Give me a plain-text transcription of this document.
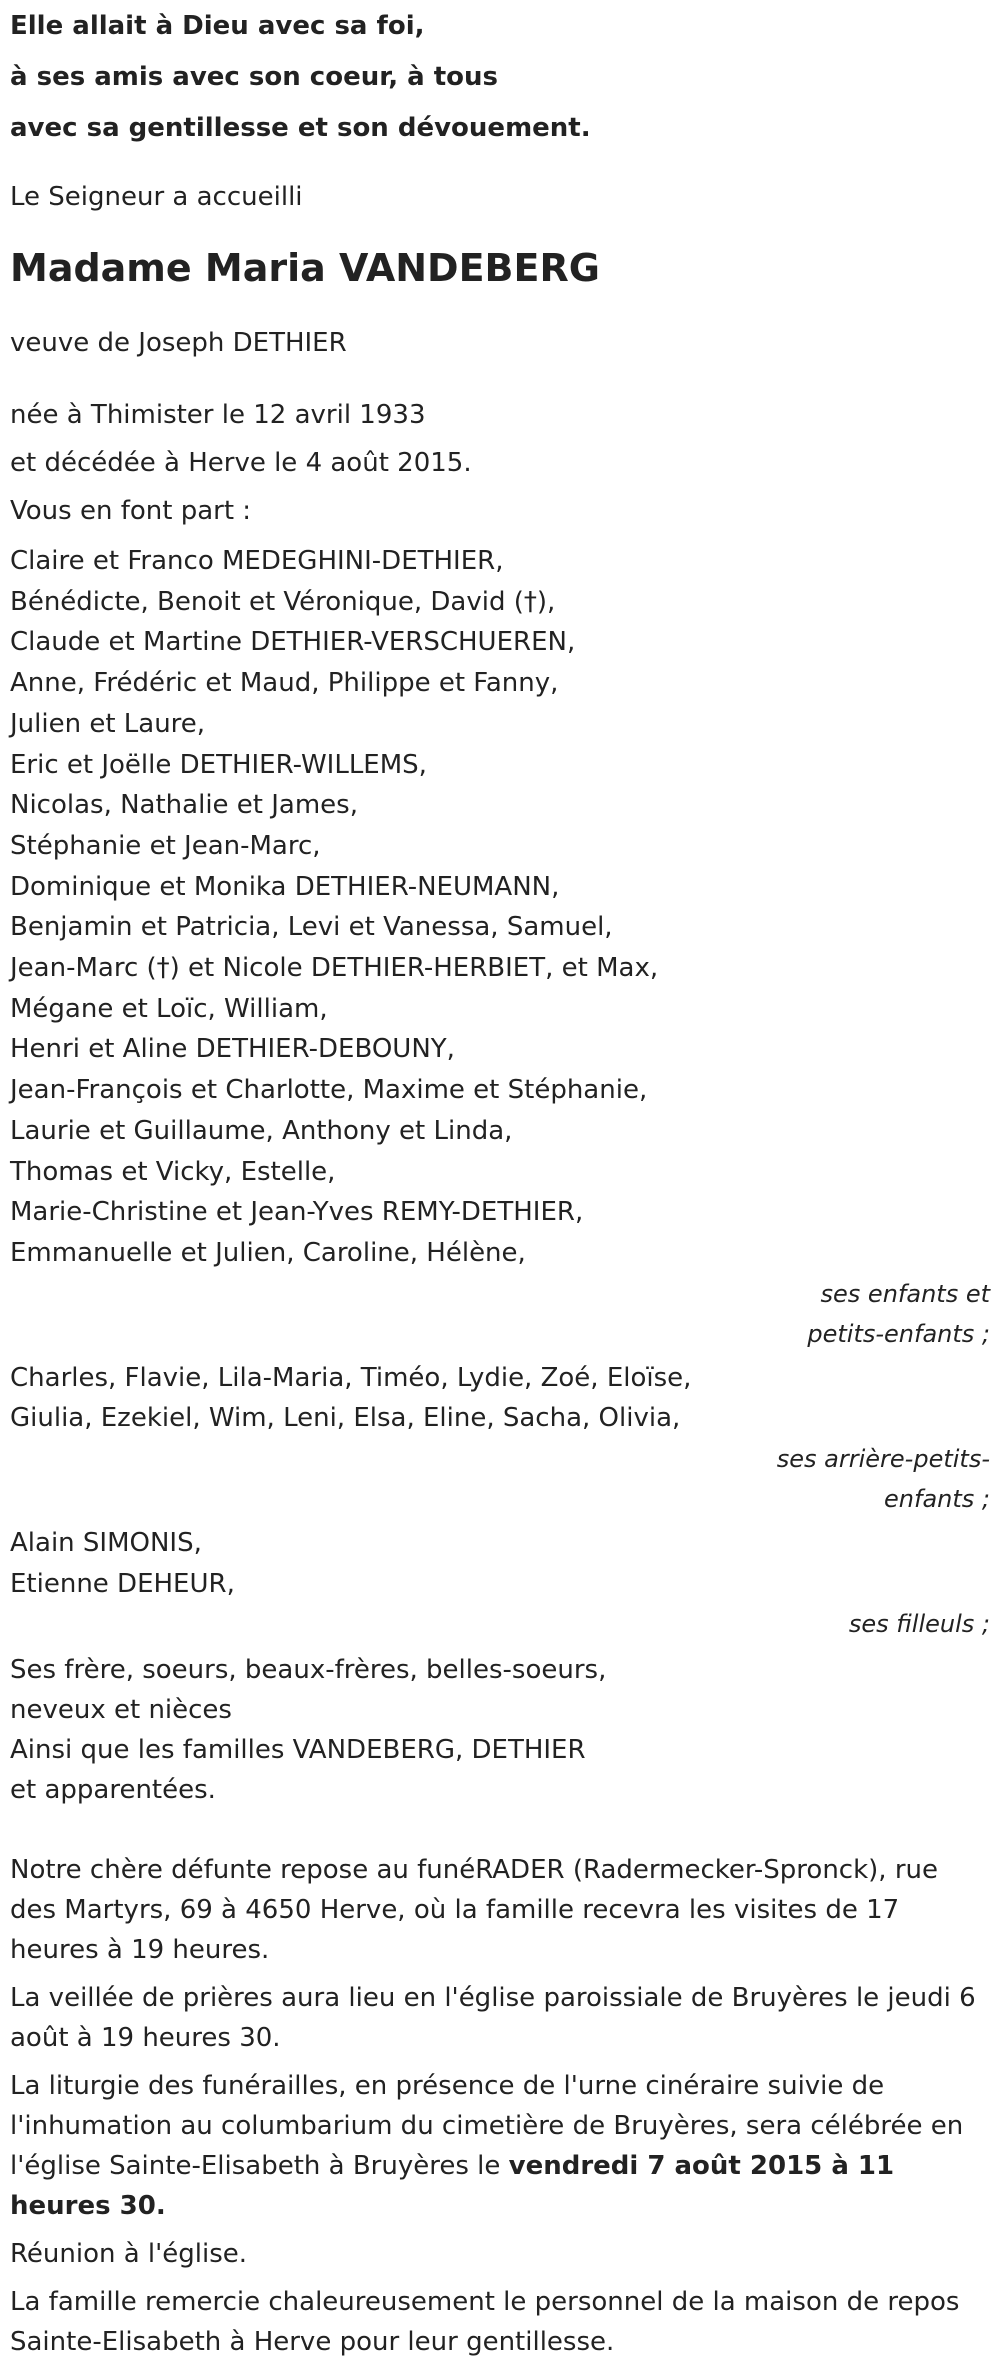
Elle allait à Dieu avec sa foi,
à ses amis avec son coeur, à tous
avec sa gentillesse et son dévouement.
Le Seigneur a accueilli
Madame Maria VANDEBERG
veuve de Joseph DETHIER
née à Thimister le 12 avril 1933
et décédée à Herve le 4 août 2015.
Vous en font part :
Claire et Franco MEDEGHINI-DETHIER,
Bénédicte, Benoit et Véronique, David (†),
Claude et Martine DETHIER-VERSCHUEREN,
Anne, Frédéric et Maud, Philippe et Fanny,
Julien et Laure,
Eric et Joëlle DETHIER-WILLEMS,
Nicolas, Nathalie et James,
Stéphanie et Jean-Marc,
Dominique et Monika DETHIER-NEUMANN,
Benjamin et Patricia, Levi et Vanessa, Samuel,
Jean-Marc (†) et Nicole DETHIER-HERBIET, et Max,
Mégane et Loïc, William,
Henri et Aline DETHIER-DEBOUNY,
Jean-François et Charlotte, Maxime et Stéphanie,
Laurie et Guillaume, Anthony et Linda,
Thomas et Vicky, Estelle,
Marie-Christine et Jean-Yves REMY-DETHIER,
Emmanuelle et Julien, Caroline, Hélène,
ses enfants et
petits-enfants ;
Charles, Flavie, Lila-Maria, Timéo, Lydie, Zoé, Eloïse,
Giulia, Ezekiel, Wim, Leni, Elsa, Eline, Sacha, Olivia,
ses arrière-petits-
enfants ;
Alain SIMONIS,
Etienne DEHEUR,
ses filleuls ;
Ses frère, soeurs, beaux-frères, belles-soeurs,
neveux et nièces
Ainsi que les familles VANDEBERG, DETHIER
et apparentées.
Notre chère défunte repose au funéRADER (Radermecker-Spronck), rue des Martyrs, 69 à 4650 Herve, où la famille recevra les visites de 17 heures à 19 heures.
La veillée de prières aura lieu en l'église paroissiale de Bruyères le jeudi 6 août à 19 heures 30.
La liturgie des funérailles, en présence de l'urne cinéraire suivie de l'inhumation au columbarium du cimetière de Bruyères, sera célébrée en l'église Sainte-Elisabeth à Bruyères le vendredi 7 août 2015 à 11 heures 30.
Réunion à l'église.
La famille remercie chaleureusement le personnel de la maison de repos Sainte-Elisabeth à Herve pour leur gentillesse.
